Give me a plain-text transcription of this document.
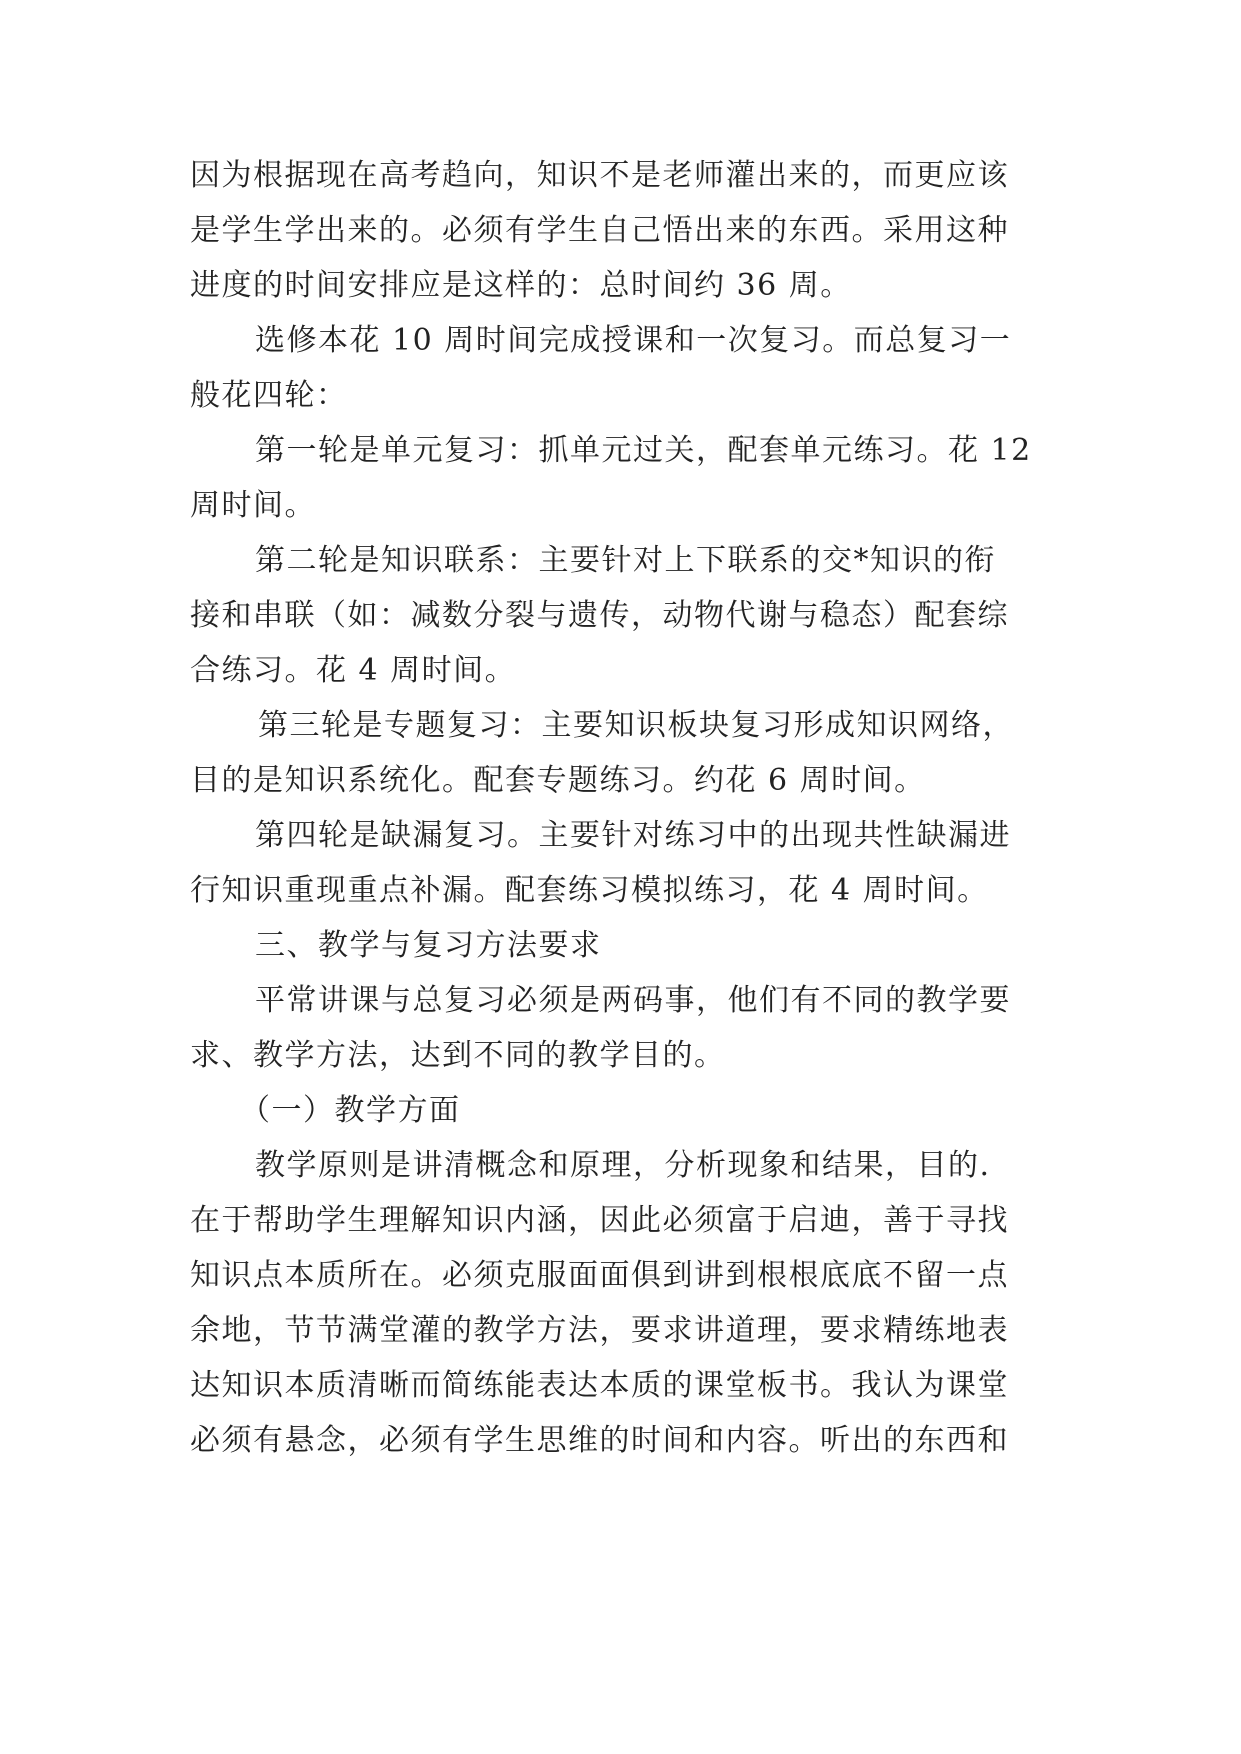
因为根据现在高考趋向，知识不是老师灌出来的，而更应该
是学生学出来的。必须有学生自己悟出来的东西。采用这种
进度的时间安排应是这样的：总时间约 36 周。
选修本花 10 周时间完成授课和一次复习。而总复习一
般花四轮：
第一轮是单元复习：抓单元过关，配套单元练习。花 12
周时间。
第二轮是知识联系：主要针对上下联系的交*知识的衔
接和串联（如：减数分裂与遗传，动物代谢与稳态）配套综
合练习。花 4 周时间。
第三轮是专题复习：主要知识板块复习形成知识网络，
目的是知识系统化。配套专题练习。约花 6 周时间。
第四轮是缺漏复习。主要针对练习中的出现共性缺漏进
行知识重现重点补漏。配套练习模拟练习，花 4 周时间。
三、教学与复习方法要求
平常讲课与总复习必须是两码事，他们有不同的教学要
求、教学方法，达到不同的教学目的。
（一）教学方面
教学原则是讲清概念和原理，分析现象和结果，目的.
在于帮助学生理解知识内涵，因此必须富于启迪，善于寻找
知识点本质所在。必须克服面面俱到讲到根根底底不留一点
余地，节节满堂灌的教学方法，要求讲道理，要求精练地表
达知识本质清晰而简练能表达本质的课堂板书。我认为课堂
必须有悬念，必须有学生思维的时间和内容。听出的东西和
